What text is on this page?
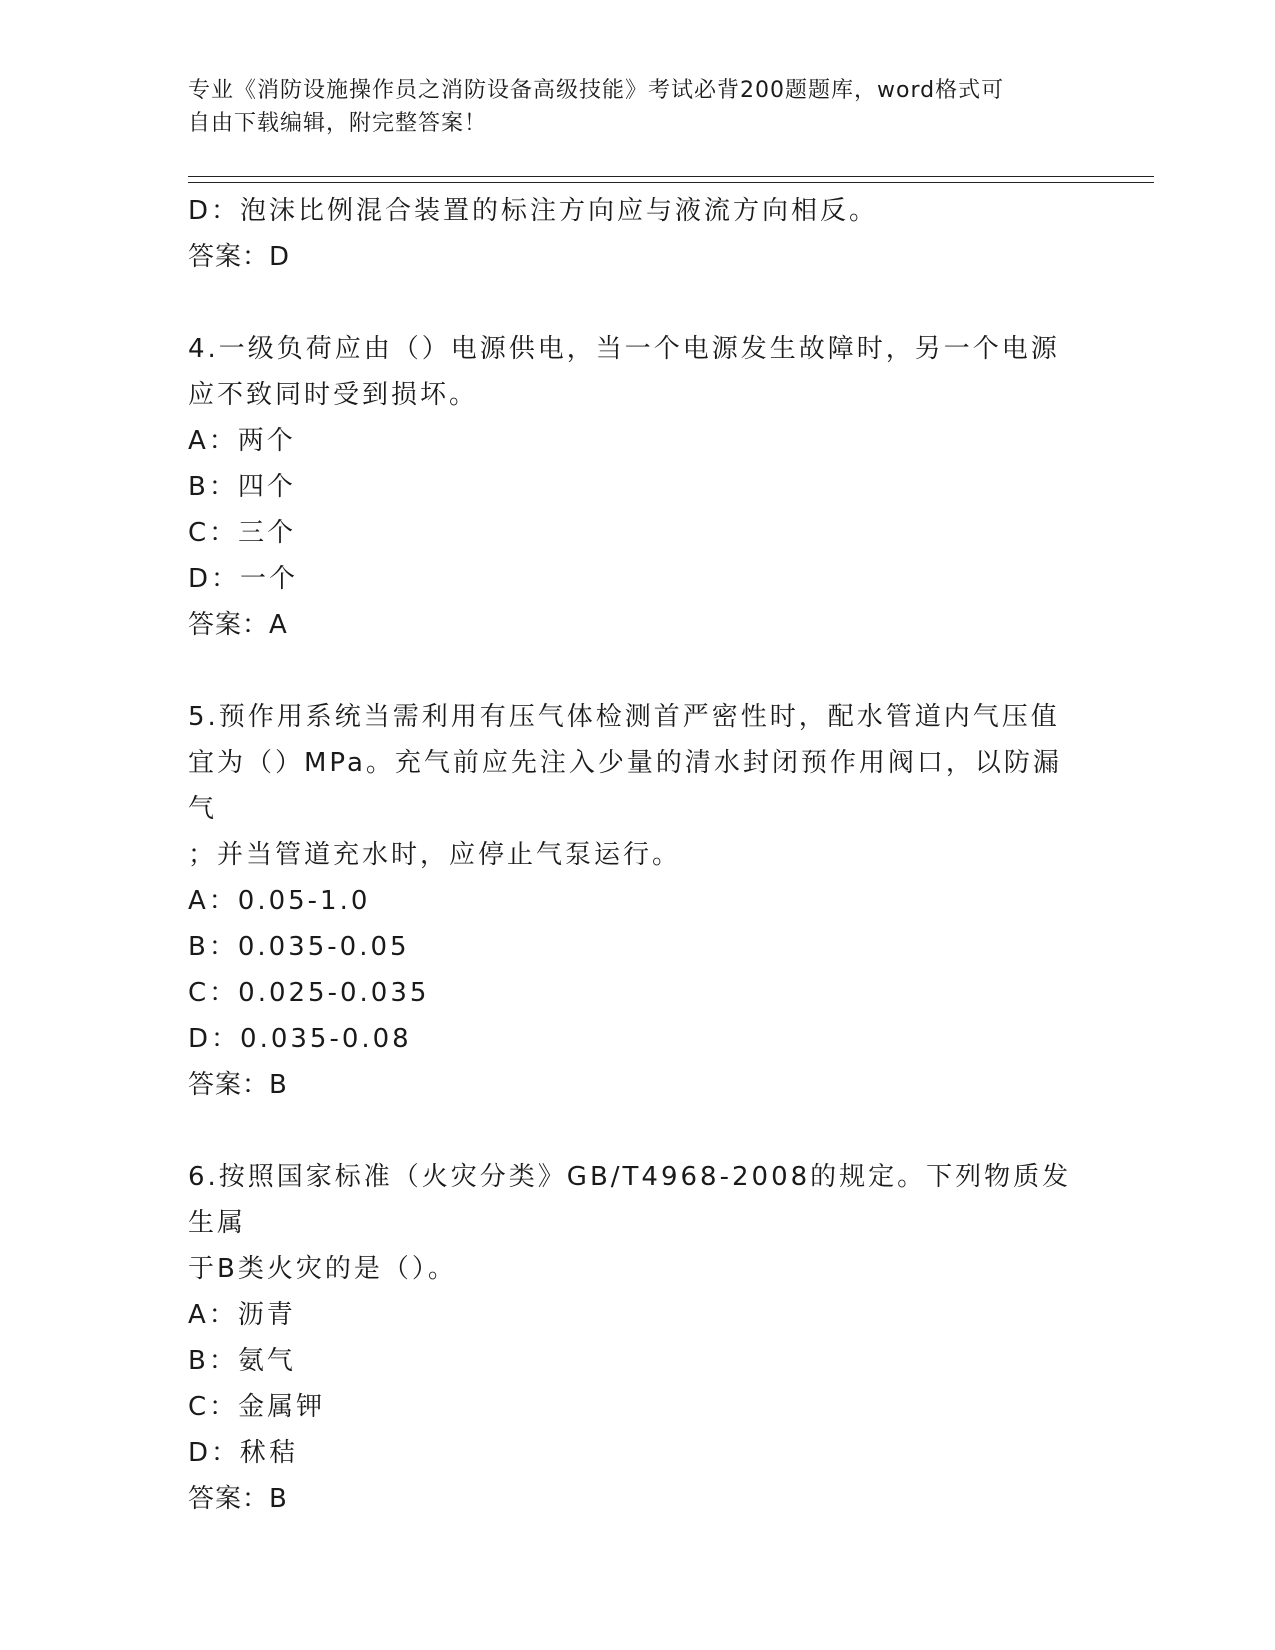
专业《消防设施操作员之消防设备高级技能》考试必背200题题库，word格式可
自由下载编辑，附完整答案！
D：泡沫比例混合装置的标注方向应与液流方向相反。
答案：D
4.一级负荷应由（）电源供电，当一个电源发生故障时，另一个电源
应不致同时受到损坏。
A：两个
B：四个
C：三个
D：一个
答案：A
5.预作用系统当需利用有压气体检测首严密性时，配水管道内气压值
宜为（）MPa。充气前应先注入少量的清水封闭预作用阀口，以防漏气
；并当管道充水时，应停止气泵运行。
A：0.05-1.0
B：0.035-0.05
C：0.025-0.035
D：0.035-0.08
答案：B
6.按照国家标准（火灾分类》GB/T4968-2008的规定。下列物质发生属
于B类火灾的是（）。
A：沥青
B：氨气
C：金属钾
D：秫秸
答案：B
